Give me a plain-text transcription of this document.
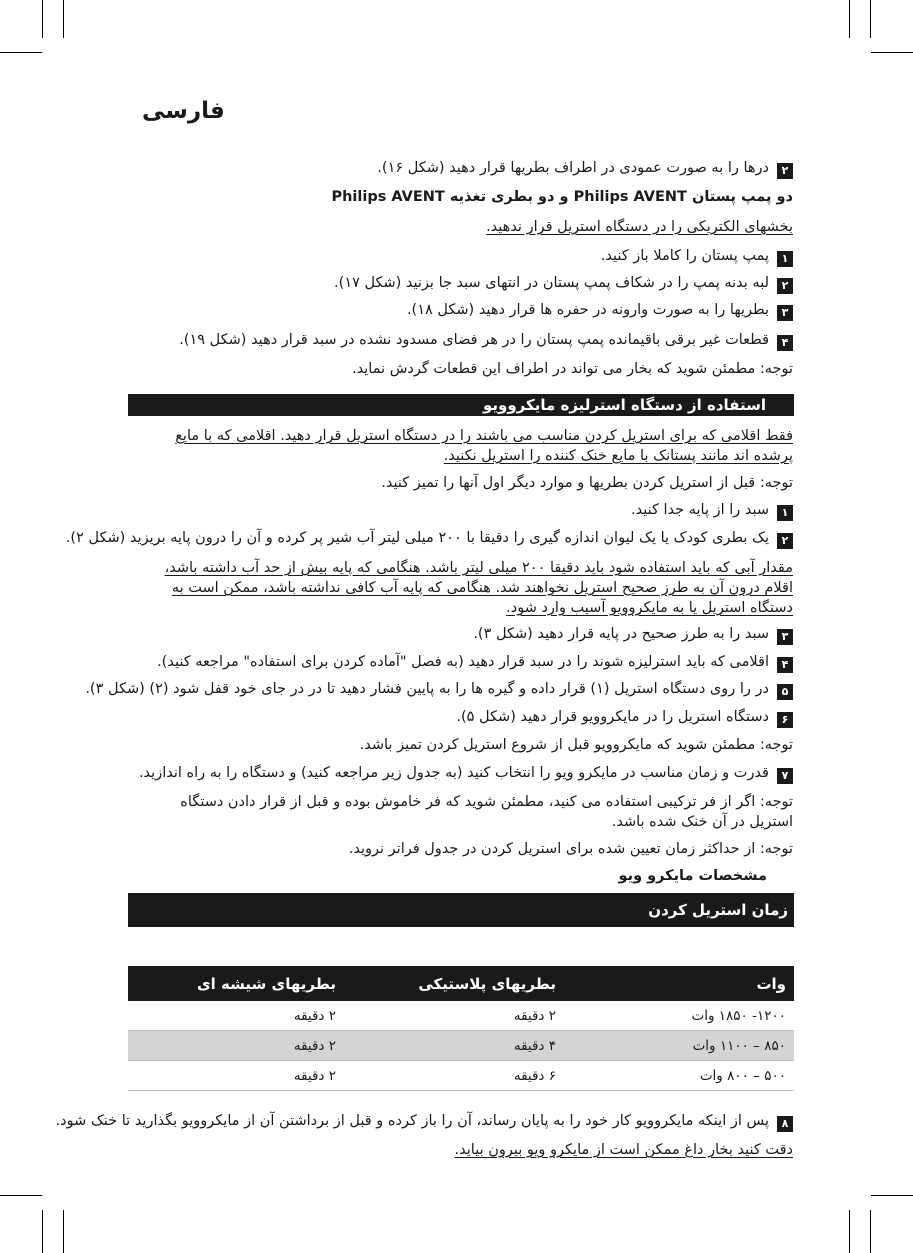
فارسی
۲درها را به صورت عمودی در اطراف بطریها قرار دهید (شکل ۱۶).
دو پمپ پستان Philips AVENT و دو بطری تغذیه Philips AVENT
بخشهای الکتریکی را در دستگاه استریل قرار ندهید.
۱پمپ پستان را کاملا باز کنید.
۲لبه بدنه پمپ را در شکاف پمپ پستان در انتهای سبد جا بزنید (شکل ۱۷).
۳بطریها را به صورت وارونه در حفره ها قرار دهید (شکل ۱۸).
۴قطعات غیر برقی باقیمانده پمپ پستان را در هر فضای مسدود نشده در سبد قرار دهید (شکل ۱۹).
توجه: مطمئن شوید که بخار می تواند در اطراف این قطعات گردش نماید.
استفاده از دستگاه استرلیزه مایکروویو
فقط اقلامی که برای استریل کردن مناسب می باشند را در دستگاه استریل قرار دهید. اقلامی که با مایع پرشده اند مانند پستانک با مایع خنک کننده را استریل نکنید.
توجه: قبل از استریل کردن بطریها و موارد دیگر اول آنها را تمیز کنید.
۱سبد را از پایه جدا کنید.
۲یک بطری کودک یا یک لیوان اندازه گیری را دقیقا با ۲۰۰ میلی لیتر آب شیر پر کرده و آن را درون پایه بریزید (شکل ۲).
مقدار آبی که باید استفاده شود باید دقیقا ۲۰۰ میلی لیتر باشد. هنگامی که پایه بیش از حد آب داشته باشد، اقلام درون آن به طرز صحیح استریل نخواهند شد. هنگامی که پایه آب کافی نداشته باشد، ممکن است به دستگاه استریل یا به مایکروویو آسیب وارد شود.
۳سبد را به طرز صحیح در پایه قرار دهید (شکل ۳).
۴اقلامی که باید استرلیزه شوند را در سبد قرار دهید (به فصل "آماده کردن برای استفاده" مراجعه کنید).
۵در را روی دستگاه استریل (۱) قرار داده و گیره ها را به پایین فشار دهید تا در در جای خود قفل شود (۲) (شکل ۳).
۶دستگاه استریل را در مایکروویو قرار دهید (شکل ۵).
توجه: مطمئن شوید که مایکروویو قبل از شروع استریل کردن تمیز باشد.
۷قدرت و زمان مناسب در مایکرو ویو را انتخاب کنید (به جدول زیر مراجعه کنید) و دستگاه را به راه اندازید.
توجه: اگر از فر ترکیبی استفاده می کنید، مطمئن شوید که فر خاموش بوده و قبل از قرار دادن دستگاه استریل در آن خنک شده باشد.
توجه: از حداکثر زمان تعیین شده برای استریل کردن در جدول فراتر نروید.
مشخصات مایکرو ویو
زمان استریل کردن
وات
بطریهای پلاستیکی
بطریهای شیشه ای
۱۲۰۰- ۱۸۵۰ وات
۲ دقیقه
۲ دقیقه
۸۵۰ – ۱۱۰۰ وات
۴ دقیقه
۲ دقیقه
۵۰۰ – ۸۰۰ وات
۶ دقیقه
۲ دقیقه
۸پس از اینکه مایکروویو کار خود را به پایان رساند، آن را باز کرده و قبل از برداشتن آن از مایکروویو بگذارید تا خنک شود.
دقت کنید بخار داغ ممکن است از مایکرو ویو بیرون بیاید.
